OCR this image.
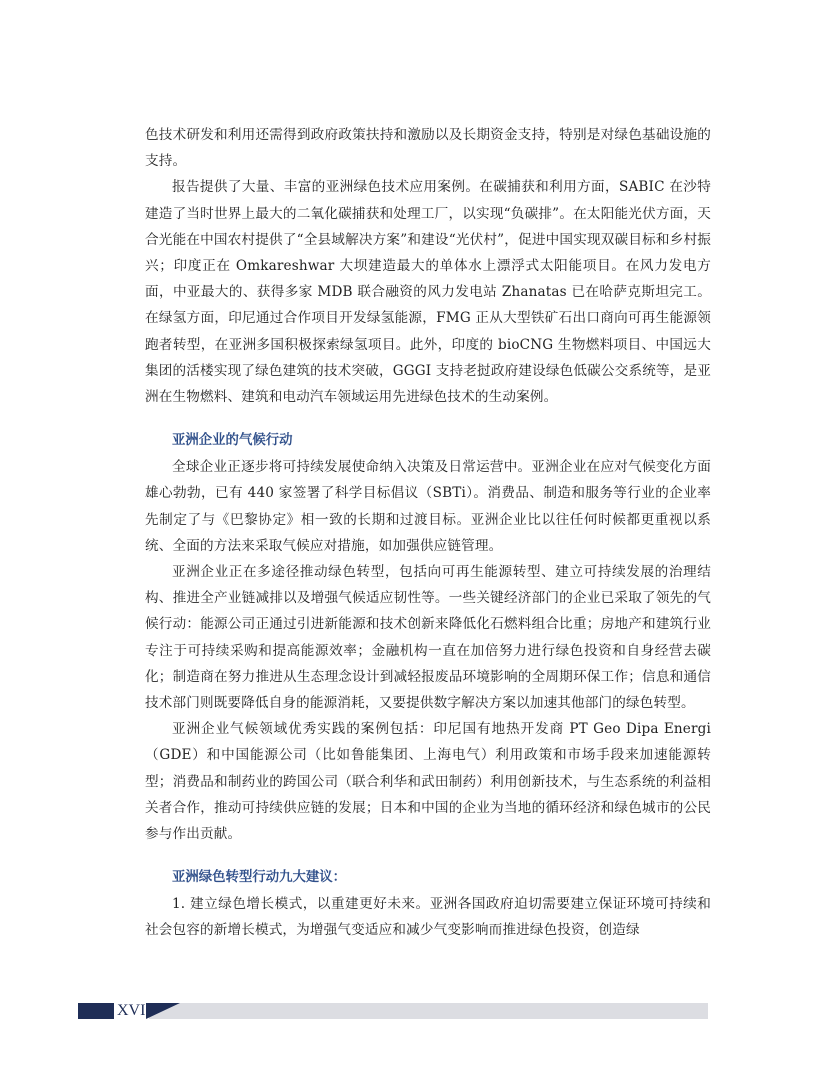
色技术研发和利用还需得到政府政策扶持和激励以及长期资金支持，特别是对绿色基础设施的支持。

报告提供了大量、丰富的亚洲绿色技术应用案例。在碳捕获和利用方面，SABIC 在沙特建造了当时世界上最大的二氧化碳捕获和处理工厂，以实现“负碳排”。在太阳能光伏方面，天合光能在中国农村提供了“全县域解决方案”和建设“光伏村”，促进中国实现双碳目标和乡村振兴；印度正在 Omkareshwar 大坝建造最大的单体水上漂浮式太阳能项目。在风力发电方面，中亚最大的、获得多家 MDB 联合融资的风力发电站 Zhanatas 已在哈萨克斯坦完工。在绿氢方面，印尼通过合作项目开发绿氢能源，FMG 正从大型铁矿石出口商向可再生能源领跑者转型，在亚洲多国积极探索绿氢项目。此外，印度的 bioCNG 生物燃料项目、中国远大集团的活楼实现了绿色建筑的技术突破，GGGI 支持老挝政府建设绿色低碳公交系统等，是亚洲在生物燃料、建筑和电动汽车领域运用先进绿色技术的生动案例。

亚洲企业的气候行动

全球企业正逐步将可持续发展使命纳入决策及日常运营中。亚洲企业在应对气候变化方面雄心勃勃，已有 440 家签署了科学目标倡议（SBTi）。消费品、制造和服务等行业的企业率先制定了与《巴黎协定》相一致的长期和过渡目标。亚洲企业比以往任何时候都更重视以系统、全面的方法来采取气候应对措施，如加强供应链管理。

亚洲企业正在多途径推动绿色转型，包括向可再生能源转型、建立可持续发展的治理结构、推进全产业链减排以及增强气候适应韧性等。一些关键经济部门的企业已采取了领先的气候行动：能源公司正通过引进新能源和技术创新来降低化石燃料组合比重；房地产和建筑行业专注于可持续采购和提高能源效率；金融机构一直在加倍努力进行绿色投资和自身经营去碳化；制造商在努力推进从生态理念设计到减轻报废品环境影响的全周期环保工作；信息和通信技术部门则既要降低自身的能源消耗，又要提供数字解决方案以加速其他部门的绿色转型。

亚洲企业气候领域优秀实践的案例包括：印尼国有地热开发商 PT Geo Dipa Energi（GDE）和中国能源公司（比如鲁能集团、上海电气）利用政策和市场手段来加速能源转型；消费品和制药业的跨国公司（联合利华和武田制药）利用创新技术，与生态系统的利益相关者合作，推动可持续供应链的发展；日本和中国的企业为当地的循环经济和绿色城市的公民参与作出贡献。

亚洲绿色转型行动九大建议：

1. 建立绿色增长模式，以重建更好未来。亚洲各国政府迫切需要建立保证环境可持续和社会包容的新增长模式，为增强气变适应和减少气变影响而推进绿色投资，创造绿

XVI
